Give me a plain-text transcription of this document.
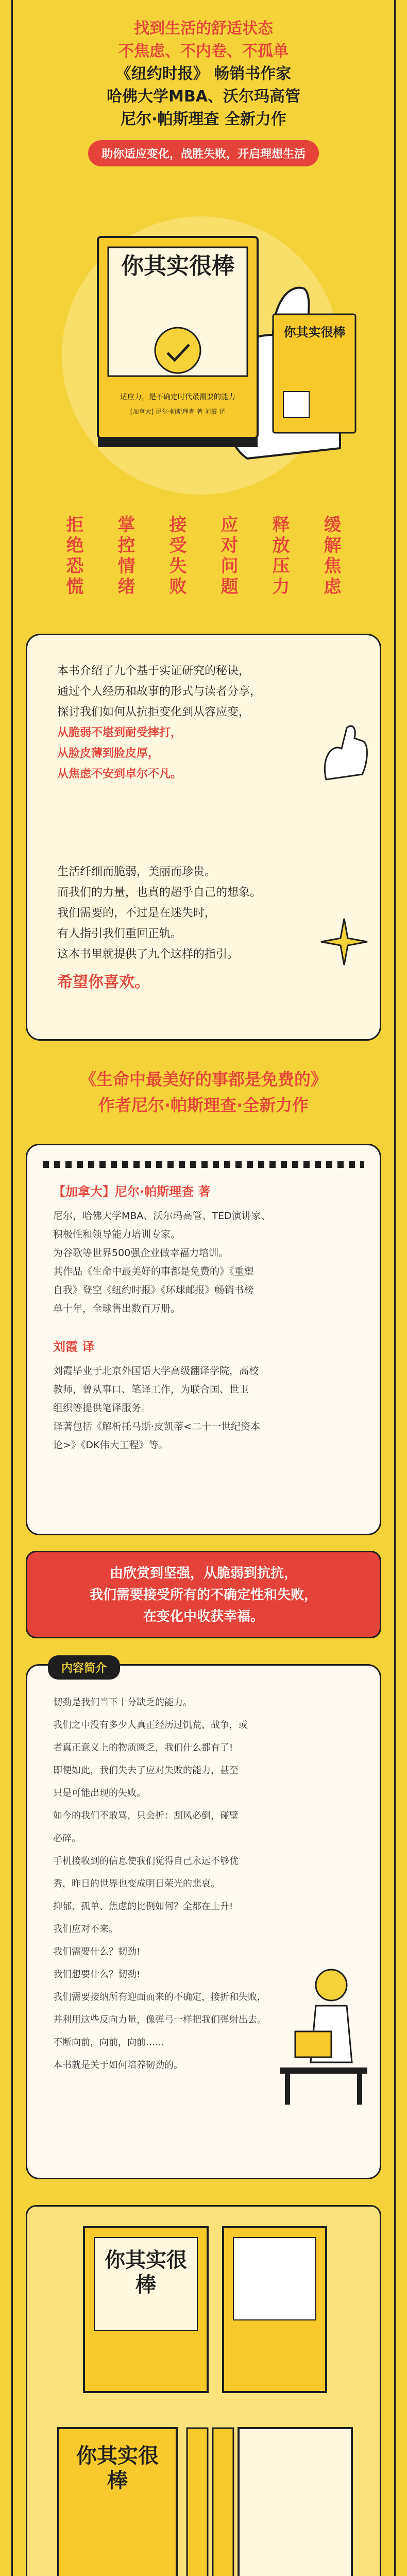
找到生活的舒适状态
不焦虑、不内卷、不孤单
《纽约时报》 畅销书作家
哈佛大学MBA、沃尔玛高管
尼尔·帕斯理查 全新力作
助你适应变化，战胜失败，开启理想生活
你其实很棒
适应力，是不确定时代最需要的能力
[加拿大] 尼尔·帕斯理查 著 刘霞 译
你其实很棒
拒绝恐慌 掌控情绪 接受失败 应对问题 释放压力 缓解焦虑
本书介绍了九个基于实证研究的秘诀，
通过个人经历和故事的形式与读者分享，
探讨我们如何从抗拒变化到从容应变，
从脆弱不堪到耐受摔打，
从脸皮薄到脸皮厚，
从焦虑不安到卓尔不凡。
生活纤细而脆弱，美丽而珍贵。
而我们的力量，也真的超乎自己的想象。
我们需要的，不过是在迷失时，
有人指引我们重回正轨。
这本书里就提供了九个这样的指引。
希望你喜欢。
《生命中最美好的事都是免费的》
作者尼尔·帕斯理查·全新力作
【加拿大】尼尔·帕斯理查 著
尼尔，哈佛大学MBA、沃尔玛高管、TED演讲家、
积极性和领导能力培训专家。
为谷歌等世界500强企业做幸福力培训。
其作品《生命中最美好的事都是免费的》《重塑
自我》登空《纽约时报》《环球邮报》畅销书榜
单十年，全球售出数百万册。
刘霞 译
刘霞毕业于北京外国语大学高级翻译学院，高校
教师，曾从事口、笔译工作，为联合国、世卫
组织等提供笔译服务。
译著包括《解析托马斯·皮凯蒂<二十一世纪资本
论>》《DK伟大工程》等。
由欣赏到坚强，从脆弱到抗抗，
我们需要接受所有的不确定性和失败，
在变化中收获幸福。
内容简介
韧劲是我们当下十分缺乏的能力。
我们之中没有多少人真正经历过饥荒、战争，或
者真正意义上的物质匮乏，我们什么都有了!
即便如此，我们失去了应对失败的能力，甚至
只是可能出现的失败。
如今的我们不敢骂，只会折：刮风必倒，碰壁
必碎。
手机接收到的信息使我们觉得自己永远不够优
秀，昨日的世界也变成明日荣光的悲哀。
抑郁、孤单、焦虑的比例如何？全都在上升!
我们应对不来。
我们需要什么？韧劲!
我们想要什么？韧劲!
我们需要接纳所有迎面而来的不确定，接折和失败，
并利用这些反向力量，像弹弓一样把我们弹射出去。
不断向前，向前，向前……
本书就是关于如何培养韧劲的。
你其实很棒
你其实很棒
